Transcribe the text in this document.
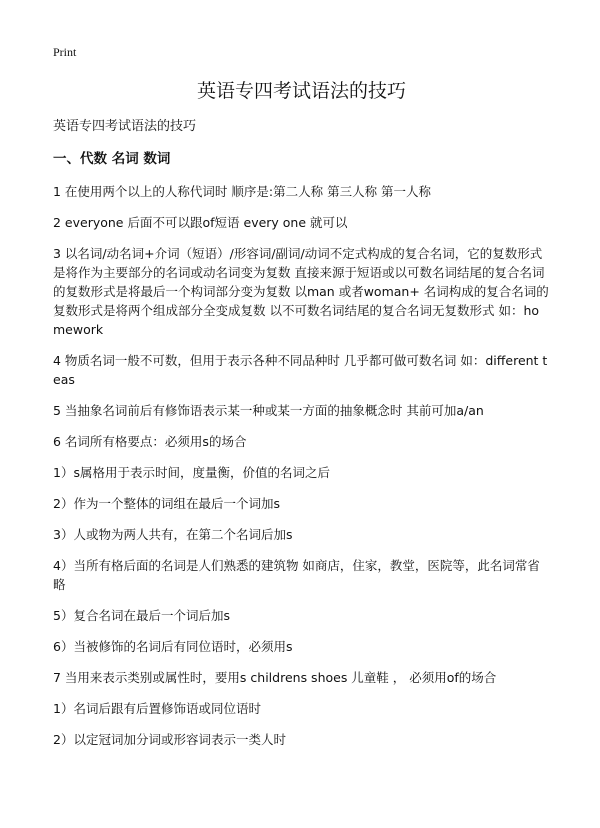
Print
英语专四考试语法的技巧
英语专四考试语法的技巧
一、代数 名词 数词
1 在使用两个以上的人称代词时 顺序是:第二人称 第三人称 第一人称
2 everyone 后面不可以跟of短语 every one 就可以
3 以名词/动名词+介词（短语）/形容词/副词/动词不定式构成的复合名词，它的复数形式是将作为主要部分的名词或动名词变为复数 直接来源于短语或以可数名词结尾的复合名词的复数形式是将最后一个构词部分变为复数 以man 或者woman+ 名词构成的复合名词的复数形式是将两个组成部分全变成复数 以不可数名词结尾的复合名词无复数形式 如：homework
4 物质名词一般不可数，但用于表示各种不同品种时 几乎都可做可数名词 如：different teas
5 当抽象名词前后有修饰语表示某一种或某一方面的抽象概念时 其前可加a/an
6 名词所有格要点：必须用s的场合
1）s属格用于表示时间，度量衡，价值的名词之后
2）作为一个整体的词组在最后一个词加s
3）人或物为两人共有，在第二个名词后加s
4）当所有格后面的名词是人们熟悉的建筑物 如商店，住家，教堂，医院等，此名词常省略
5）复合名词在最后一个词后加s
6）当被修饰的名词后有同位语时，必须用s
7 当用来表示类别或属性时，要用s childrens shoes 儿童鞋 ， 必须用of的场合
1）名词后跟有后置修饰语或同位语时
2）以定冠词加分词或形容词表示一类人时
